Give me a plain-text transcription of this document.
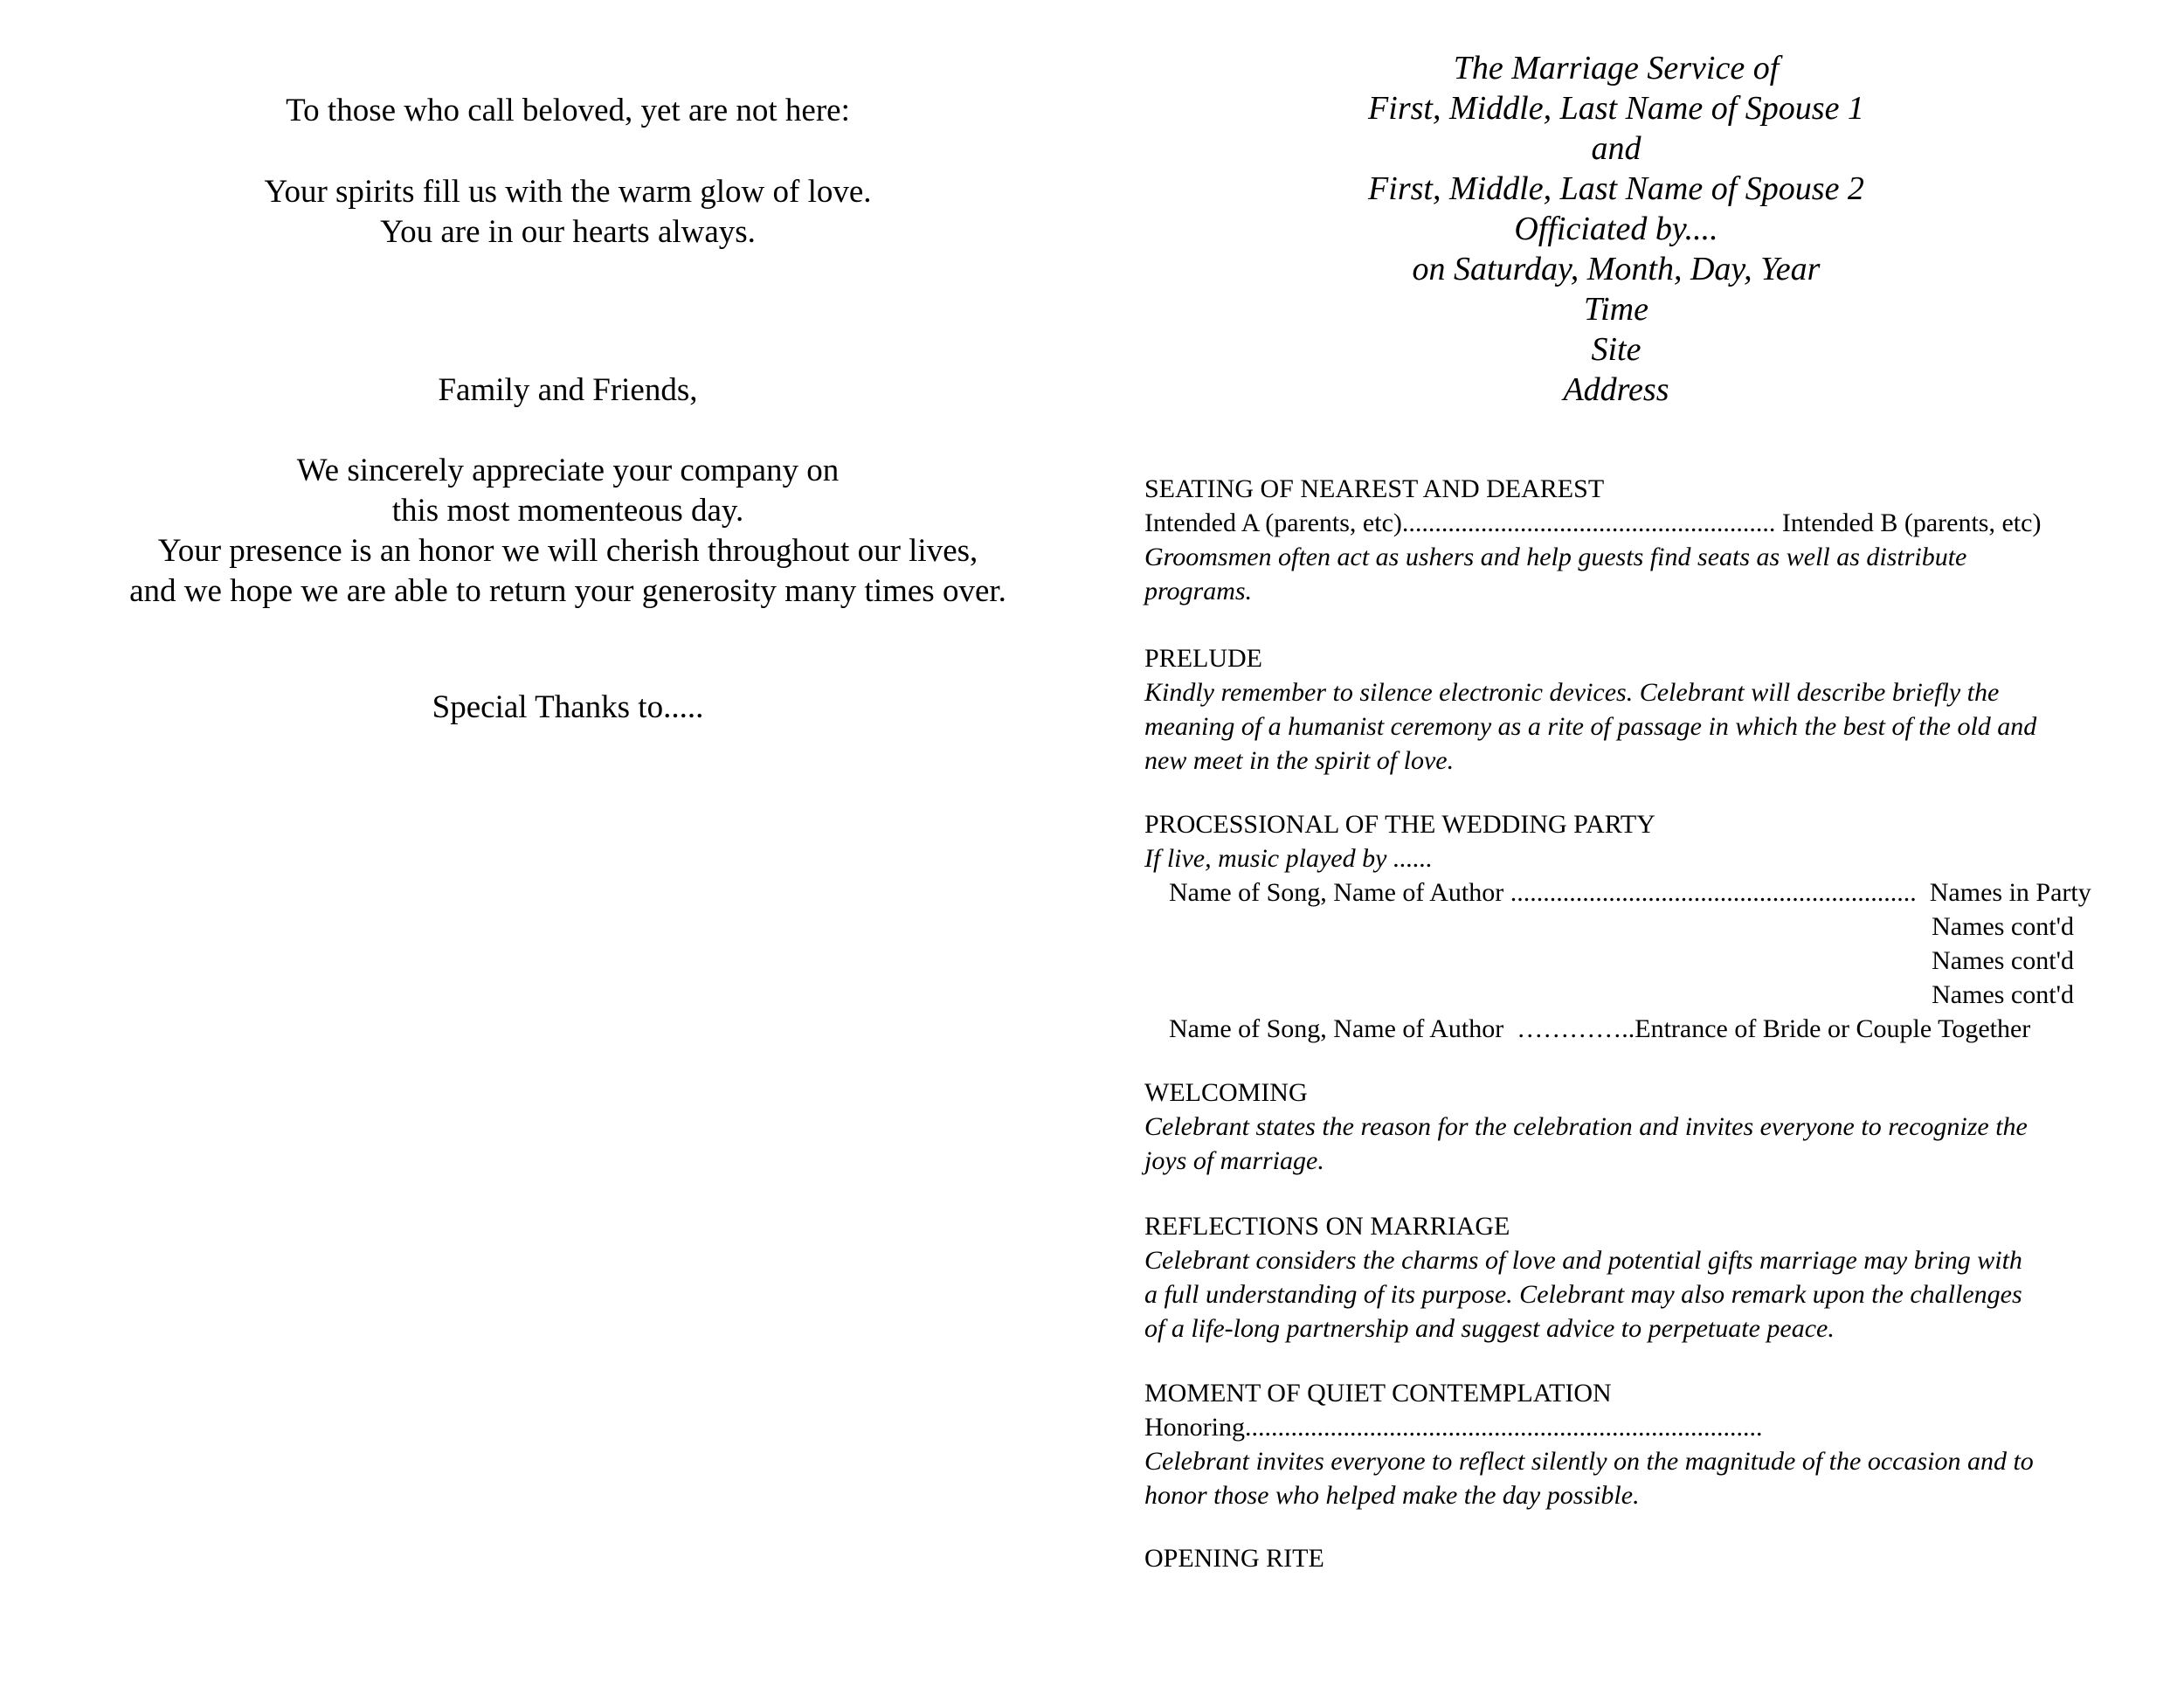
To those who call beloved, yet are not here:
Your spirits fill us with the warm glow of love.
You are in our hearts always.
Family and Friends,
We sincerely appreciate your company on
this most momenteous day.
Your presence is an honor we will cherish throughout our lives,
and we hope we are able to return your generosity many times over.
Special Thanks to.....
The Marriage Service of
First, Middle, Last Name of Spouse 1
and
First, Middle, Last Name of Spouse 2
Officiated by....
on Saturday, Month, Day, Year
Time
Site
Address
SEATING OF NEAREST AND DEAREST
Intended A (parents, etc)......................................................... Intended B (parents, etc)
Groomsmen often act as ushers and help guests find seats as well as distribute
programs.
PRELUDE
Kindly remember to silence electronic devices. Celebrant will describe briefly the
meaning of a humanist ceremony as a rite of passage in which the best of the old and
new meet in the spirit of love.
PROCESSIONAL OF THE WEDDING PARTY
If live, music played by ......
Name of Song, Name of Author ..............................................................  Names in Party
Names cont'd
Names cont'd
Names cont'd
Name of Song, Name of Author  …………..Entrance of Bride or Couple Together
WELCOMING
Celebrant states the reason for the celebration and invites everyone to recognize the
joys of marriage.
REFLECTIONS ON MARRIAGE
Celebrant considers the charms of love and potential gifts marriage may bring with
a full understanding of its purpose. Celebrant may also remark upon the challenges
of a life-long partnership and suggest advice to perpetuate peace.
MOMENT OF QUIET CONTEMPLATION
Honoring...............................................................................
Celebrant invites everyone to reflect silently on the magnitude of the occasion and to
honor those who helped make the day possible.
OPENING RITE
